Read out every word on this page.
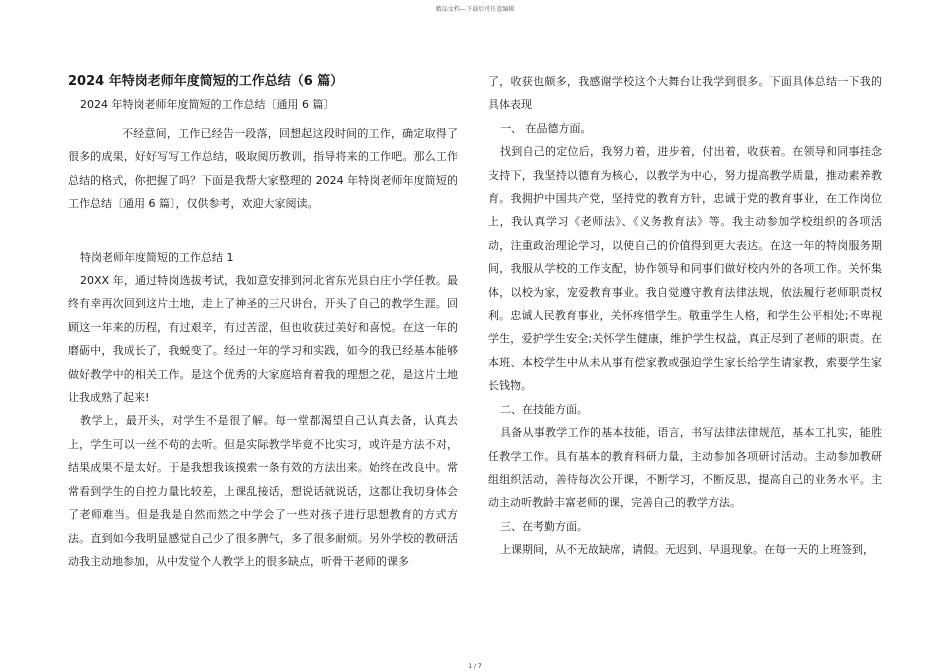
精品文档---下载后可任意编辑

2024 年特岗老师年度简短的工作总结（6 篇）

2024 年特岗老师年度简短的工作总结〔通用 6 篇〕

不经意间，工作已经告一段落，回想起这段时间的工作，确定取得了很多的成果，好好写写工作总结，吸取阅历教训，指导将来的工作吧。那么工作总结的格式，你把握了吗？下面是我帮大家整理的 2024 年特岗老师年度简短的工作总结〔通用 6 篇〕，仅供参考，欢迎大家阅读。

特岗老师年度简短的工作总结 1

20XX 年，通过特岗选拔考试，我如意安排到河北省东光县白庄小学任教。最终有幸再次回到这片土地，走上了神圣的三尺讲台，开头了自己的教学生涯。回顾这一年来的历程，有过艰辛，有过苦涩，但也收获过美好和喜悦。在这一年的磨砺中，我成长了，我蜕变了。经过一年的学习和实践，如今的我已经基本能够做好教学中的相关工作。是这个优秀的大家庭培育着我的理想之花，是这片土地让我成熟了起来!

教学上，最开头，对学生不是很了解。每一堂都渴望自己认真去备，认真去上，学生可以一丝不苟的去听。但是实际教学毕竟不比实习，或许是方法不对，结果成果不是太好。于是我想我该摸索一条有效的方法出来。始终在改良中。常常看到学生的自控力量比较差，上课乱接话，想说话就说话，这都让我切身体会了老师难当。但是我是自然而然之中学会了一些对孩子进行思想教育的方式方法。直到如今我明显感觉自己少了很多脾气，多了很多耐烦。另外学校的教研活动我主动地参加，从中发觉个人教学上的很多缺点，听骨干老师的课多

了，收获也颇多，我感谢学校这个大舞台让我学到很多。下面具体总结一下我的具体表现

一、 在品德方面。

找到自己的定位后，我努力着，进步着，付出着，收获着。在领导和同事挂念支持下，我坚持以德育为核心，以教学为中心，努力提高教学质量，推动素养教育。我拥护中国共产党，坚持党的教育方针，忠诚于党的教育事业，在工作岗位上，我认真学习《老师法》、《义务教育法》等。我主动参加学校组织的各项活动，注重政治理论学习，以使自己的价值得到更大表达。在这一年的特岗服务期间，我服从学校的工作支配，协作领导和同事们做好校内外的各项工作。关怀集体，以校为家，宠爱教育事业。我自觉遵守教育法律法规，依法履行老师职责权利。忠诚人民教育事业，关怀疼惜学生。敬重学生人格，和学生公平相处;不卑视学生，爱护学生安全;关怀学生健康，维护学生权益，真正尽到了老师的职责。在本班、本校学生中从未从事有偿家教或强迫学生家长给学生请家教，索要学生家长钱物。

二、在技能方面。

具备从事教学工作的基本技能，语言，书写法律法律规范，基本工扎实，能胜任教学工作。具有基本的教育科研力量，主动参加各项研讨活动。主动参加教研组组织活动，善待每次公开课，不断学习，不断反思，提高自己的业务水平。主动主动听教龄丰富老师的课，完善自己的教学方法。

三、在考勤方面。

上课期间，从不无故缺席，请假。无迟到、早退现象。在每一天的上班签到，

1 / 7
